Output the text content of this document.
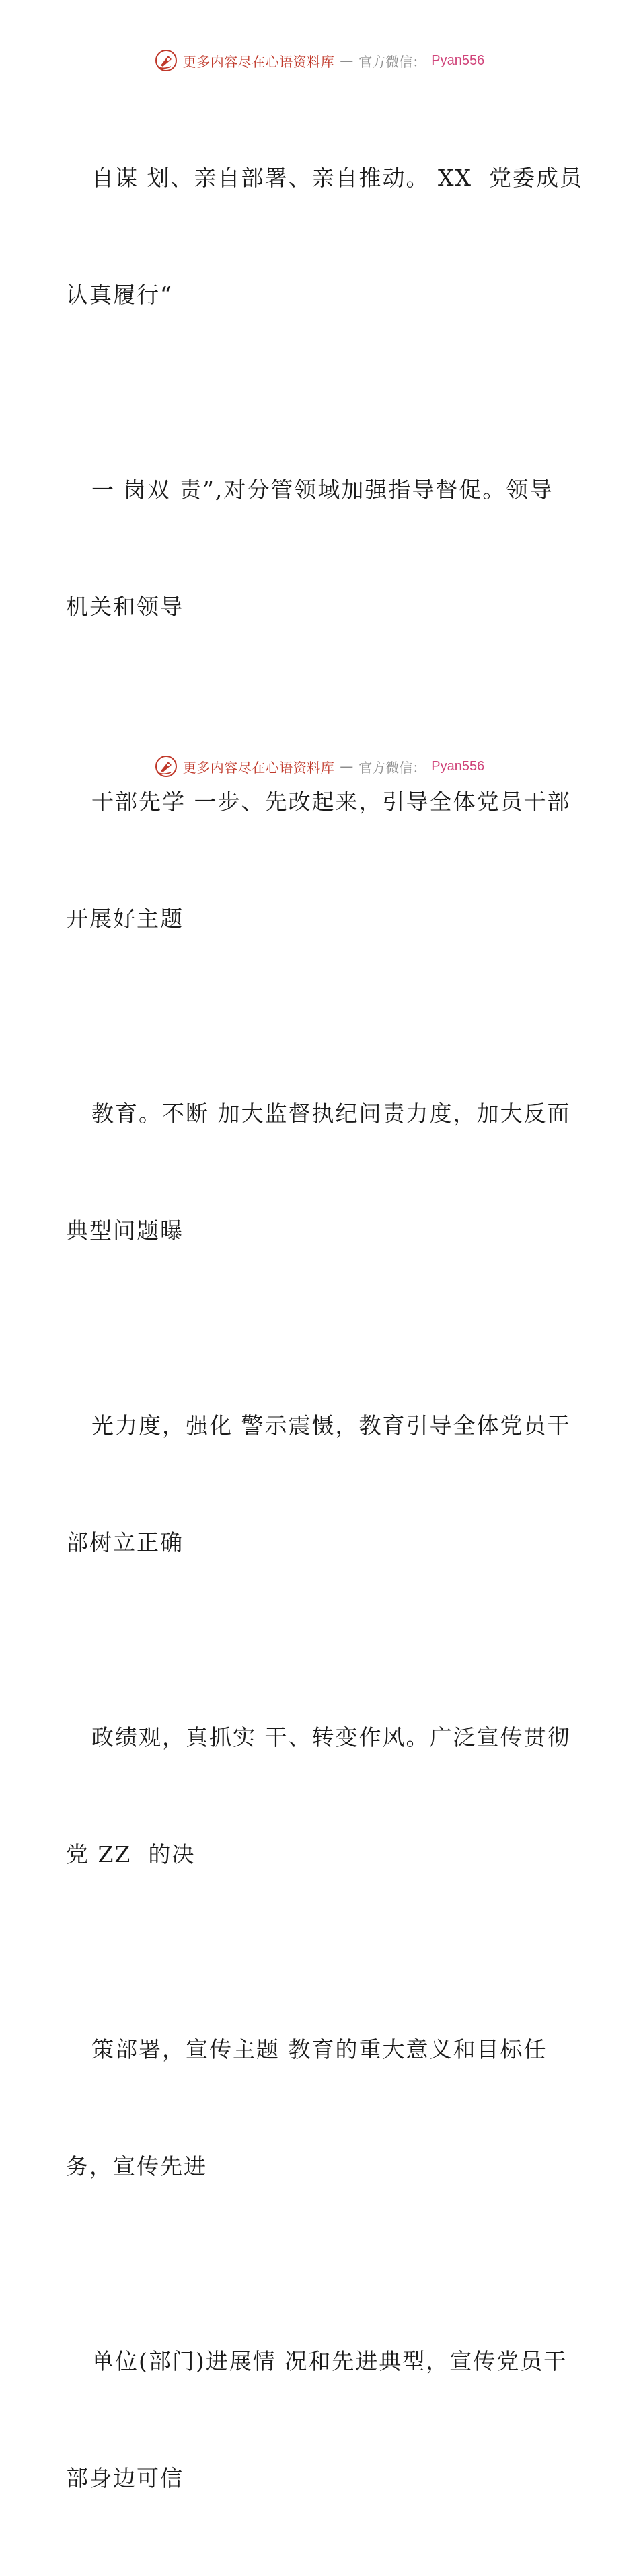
更多内容尽在心语资料库 — 官方微信： Pyan556

自谋 划、亲自部署、亲自推动。 XX  党委成员

认真履行“

一 岗双 责”,对分管领域加强指导督促。领导

机关和领导

干部先学 一步、先改起来，引导全体党员干部

开展好主题

教育。不断 加大监督执纪问责力度，加大反面

典型问题曝

光力度，强化 警示震慑，教育引导全体党员干

部树立正确

政绩观，真抓实 干、转变作风。广泛宣传贯彻

党 ZZ  的决

策部署，宣传主题 教育的重大意义和目标任

务，宣传先进

单位(部门)进展情 况和先进典型，宣传党员干

部身边可信

更多内容尽在心语资料库 — 官方微信： Pyan556
